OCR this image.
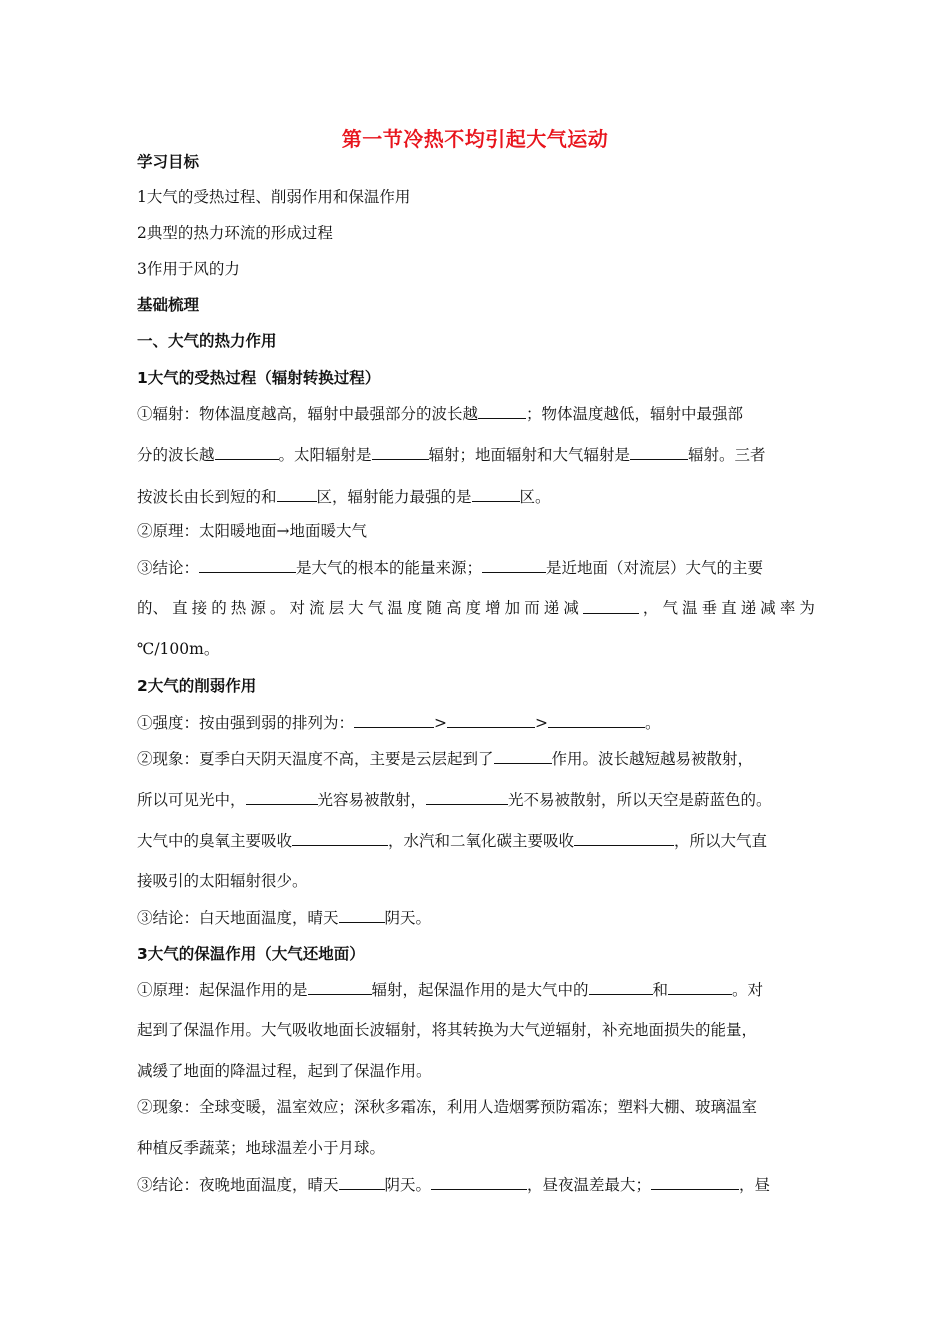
第一节冷热不均引起大气运动
学习目标
1大气的受热过程、削弱作用和保温作用
2典型的热力环流的形成过程
3作用于风的力
基础梳理
一、大气的热力作用
1大气的受热过程（辐射转换过程）
①辐射：物体温度越高，辐射中最强部分的波长越	；物体温度越低，辐射中最强部
分的波长越	。太阳辐射是	辐射；地面辐射和大气辐射是	辐射。三者
按波长由长到短的和	区，辐射能力最强的是	区。
②原理：太阳暖地面→地面暖大气
③结论：	是大气的根本的能量来源；	是近地面（对流层）大气的主要
的、 直 接 的 热 源 。 对 流 层 大 气 温 度 随 高 度 增 加 而 递 减	， 气 温 垂 直 递 减 率 为
℃/100m。
2大气的削弱作用
①强度：按由强到弱的排列为：	>	>	。
②现象：夏季白天阴天温度不高，主要是云层起到了	作用。波长越短越易被散射，
所以可见光中，	光容易被散射，	光不易被散射，所以天空是蔚蓝色的。
大气中的臭氧主要吸收	，水汽和二氧化碳主要吸收	，所以大气直
接吸引的太阳辐射很少。
③结论：白天地面温度，晴天	阴天。
3大气的保温作用（大气还地面）
①原理：起保温作用的是	辐射，起保温作用的是大气中的	和	。对
起到了保温作用。大气吸收地面长波辐射，将其转换为大气逆辐射，补充地面损失的能量，
减缓了地面的降温过程，起到了保温作用。
②现象：全球变暖，温室效应；深秋多霜冻，利用人造烟雾预防霜冻；塑料大棚、玻璃温室
种植反季蔬菜；地球温差小于月球。
③结论：夜晚地面温度，晴天	阴天。	，昼夜温差最大；	，昼
